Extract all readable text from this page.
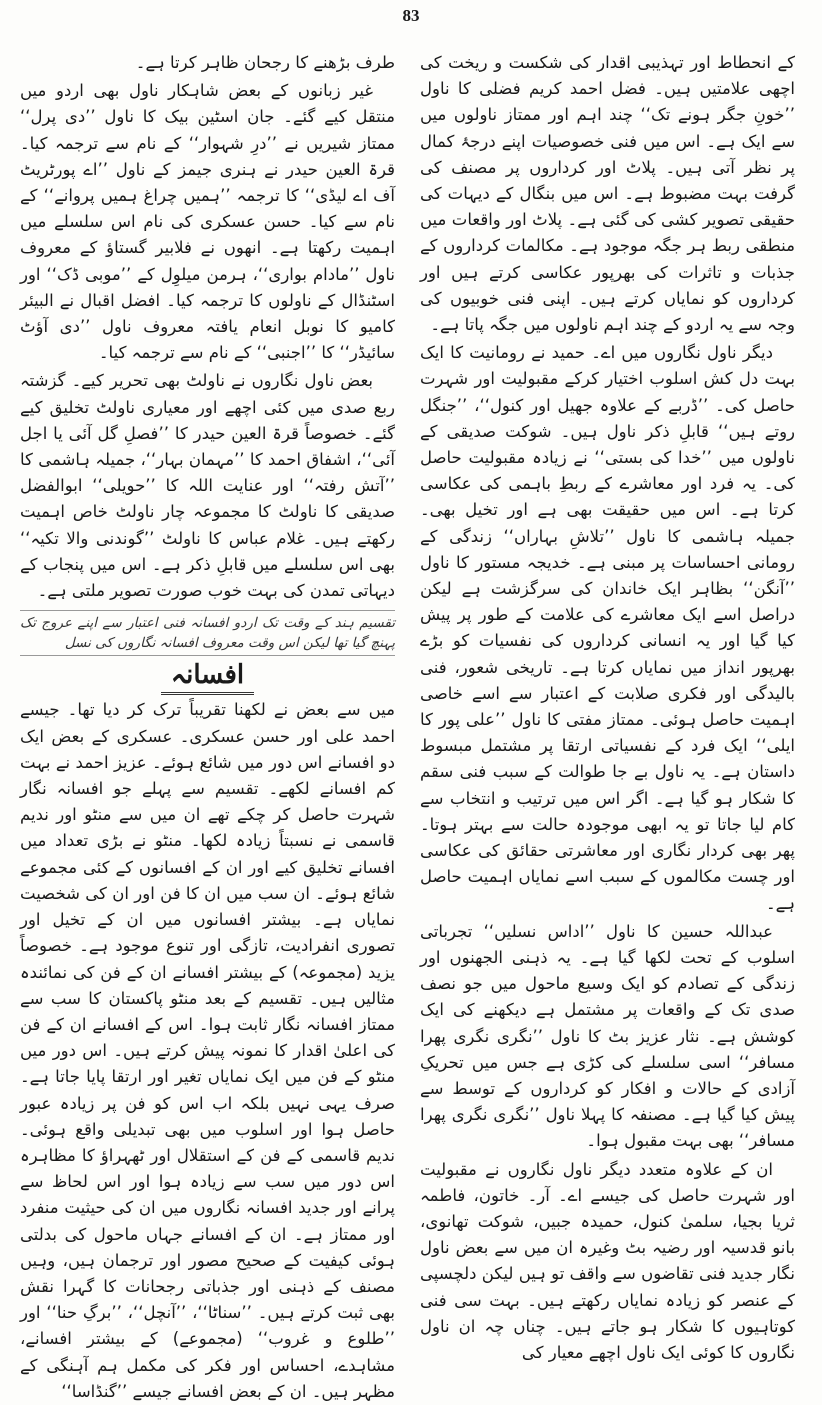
83

کے انحطاط اور تہذیبی اقدار کی شکست و ریخت کی اچھی علامتیں ہیں۔ فضل احمد کریم فضلی کا ناول ’’خونِ جگر ہونے تک‘‘ چند اہم اور ممتاز ناولوں میں سے ایک ہے۔ اس میں فنی خصوصیات اپنے درجۂ کمال پر نظر آتی ہیں۔ پلاٹ اور کرداروں پر مصنف کی گرفت بہت مضبوط ہے۔ اس میں بنگال کے دیہات کی حقیقی تصویر کشی کی گئی ہے۔ پلاٹ اور واقعات میں منطقی ربط ہر جگہ موجود ہے۔ مکالمات کرداروں کے جذبات و تاثرات کی بھرپور عکاسی کرتے ہیں اور کرداروں کو نمایاں کرتے ہیں۔ اپنی فنی خوبیوں کی وجہ سے یہ اردو کے چند اہم ناولوں میں جگہ پاتا ہے۔

دیگر ناول نگاروں میں اے۔ حمید نے رومانیت کا ایک بہت دل کش اسلوب اختیار کرکے مقبولیت اور شہرت حاصل کی۔ ’’ڈربے کے علاوہ جھیل اور کنول‘‘، ’’جنگل روتے ہیں‘‘ قابلِ ذکر ناول ہیں۔ شوکت صدیقی کے ناولوں میں ’’خدا کی بستی‘‘ نے زیادہ مقبولیت حاصل کی۔ یہ فرد اور معاشرے کے ربطِ باہمی کی عکاسی کرتا ہے۔ اس میں حقیقت بھی ہے اور تخیل بھی۔ جمیلہ ہاشمی کا ناول ’’تلاشِ بہاراں‘‘ زندگی کے رومانی احساسات پر مبنی ہے۔ خدیجہ مستور کا ناول ’’آنگن‘‘ بظاہر ایک خاندان کی سرگزشت ہے لیکن دراصل اسے ایک معاشرے کی علامت کے طور پر پیش کیا گیا اور یہ انسانی کرداروں کی نفسیات کو بڑے بھرپور انداز میں نمایاں کرتا ہے۔ تاریخی شعور، فنی بالیدگی اور فکری صلابت کے اعتبار سے اسے خاصی اہمیت حاصل ہوئی۔ ممتاز مفتی کا ناول ’’علی پور کا ایلی‘‘ ایک فرد کے نفسیاتی ارتقا پر مشتمل مبسوط داستان ہے۔ یہ ناول بے جا طوالت کے سبب فنی سقم کا شکار ہو گیا ہے۔ اگر اس میں ترتیب و انتخاب سے کام لیا جاتا تو یہ ابھی موجودہ حالت سے بہتر ہوتا۔ پھر بھی کردار نگاری اور معاشرتی حقائق کی عکاسی اور چست مکالموں کے سبب اسے نمایاں اہمیت حاصل ہے۔

عبداللہ حسین کا ناول ’’اداس نسلیں‘‘ تجرباتی اسلوب کے تحت لکھا گیا ہے۔ یہ ذہنی الجھنوں اور زندگی کے تصادم کو ایک وسیع ماحول میں جو نصف صدی تک کے واقعات پر مشتمل ہے دیکھنے کی ایک کوشش ہے۔ نثار عزیز بٹ کا ناول ’’نگری نگری پھرا مسافر‘‘ اسی سلسلے کی کڑی ہے جس میں تحریکِ آزادی کے حالات و افکار کو کرداروں کے توسط سے پیش کیا گیا ہے۔ مصنفہ کا پہلا ناول ’’نگری نگری پھرا مسافر‘‘ بھی بہت مقبول ہوا۔

ان کے علاوہ متعدد دیگر ناول نگاروں نے مقبولیت اور شہرت حاصل کی جیسے اے۔ آر۔ خاتون، فاطمہ ثریا بجیا، سلمیٰ کنول، حمیدہ جبیں، شوکت تھانوی، بانو قدسیہ اور رضیہ بٹ وغیرہ ان میں سے بعض ناول نگار جدید فنی تقاضوں سے واقف تو ہیں لیکن دلچسپی کے عنصر کو زیادہ نمایاں رکھتے ہیں۔ بہت سی فنی کوتاہیوں کا شکار ہو جاتے ہیں۔ چناں چہ ان ناول نگاروں کا کوئی ایک ناول اچھے معیار کی

طرف بڑھنے کا رجحان ظاہر کرتا ہے۔

غیر زبانوں کے بعض شاہکار ناول بھی اردو میں منتقل کیے گئے۔ جان اسٹین بیک کا ناول ’’دی پرل‘‘ ممتاز شیریں نے ’’درِ شہوار‘‘ کے نام سے ترجمہ کیا۔ قرۃ العین حیدر نے ہنری جیمز کے ناول ’’اے پورٹریٹ آف اے لیڈی‘‘ کا ترجمہ ’’ہمیں چراغ ہمیں پروانے‘‘ کے نام سے کیا۔ حسن عسکری کی نام اس سلسلے میں اہمیت رکھتا ہے۔ انھوں نے فلابیر گستاؤ کے معروف ناول ’’مادام بواری‘‘، ہرمن میلوِل کے ’’موبی ڈک‘‘ اور اسٹنڈال کے ناولوں کا ترجمہ کیا۔ افضل اقبال نے البیئر کامیو کا نوبل انعام یافتہ معروف ناول ’’دی آؤٹ سائیڈر‘‘ کا ’’اجنبی‘‘ کے نام سے ترجمہ کیا۔

بعض ناول نگاروں نے ناولٹ بھی تحریر کیے۔ گزشتہ ربع صدی میں کئی اچھے اور معیاری ناولٹ تخلیق کیے گئے۔ خصوصاً قرۃ العین حیدر کا ’’فصلِ گل آئی یا اجل آئی‘‘، اشفاق احمد کا ’’مہمان بہار‘‘، جمیلہ ہاشمی کا ’’آتش رفتہ‘‘ اور عنایت اللہ کا ’’حویلی‘‘ ابوالفضل صدیقی کا ناولٹ کا مجموعہ چار ناولٹ خاص اہمیت رکھتے ہیں۔ غلام عباس کا ناولٹ ’’گوندنی والا تکیہ‘‘ بھی اس سلسلے میں قابلِ ذکر ہے۔ اس میں پنجاب کے دیہاتی تمدن کی بہت خوب صورت تصویر ملتی ہے۔

تقسیم ہند کے وقت تک اردو افسانہ فنی اعتبار سے اپنے عروج تک پہنچ گیا تھا لیکن اس وقت معروف افسانہ نگاروں کی نسل
افسانہ

میں سے بعض نے لکھنا تقریباً ترک کر دیا تھا۔ جیسے احمد علی اور حسن عسکری۔ عسکری کے بعض ایک دو افسانے اس دور میں شائع ہوئے۔ عزیز احمد نے بہت کم افسانے لکھے۔ تقسیم سے پہلے جو افسانہ نگار شہرت حاصل کر چکے تھے ان میں سے منٹو اور ندیم قاسمی نے نسبتاً زیادہ لکھا۔ منٹو نے بڑی تعداد میں افسانے تخلیق کیے اور ان کے افسانوں کے کئی مجموعے شائع ہوئے۔ ان سب میں ان کا فن اور ان کی شخصیت نمایاں ہے۔ بیشتر افسانوں میں ان کے تخیل اور تصوری انفرادیت، تازگی اور تنوع موجود ہے۔ خصوصاً یزید (مجموعہ) کے بیشتر افسانے ان کے فن کی نمائندہ مثالیں ہیں۔ تقسیم کے بعد منٹو پاکستان کا سب سے ممتاز افسانہ نگار ثابت ہوا۔ اس کے افسانے ان کے فن کی اعلیٰ اقدار کا نمونہ پیش کرتے ہیں۔ اس دور میں منٹو کے فن میں ایک نمایاں تغیر اور ارتقا پایا جاتا ہے۔ صرف یہی نہیں بلکہ اب اس کو فن پر زیادہ عبور حاصل ہوا اور اسلوب میں بھی تبدیلی واقع ہوئی۔ ندیم قاسمی کے فن کے استقلال اور ٹھہراؤ کا مظاہرہ اس دور میں سب سے زیادہ ہوا اور اس لحاظ سے پرانے اور جدید افسانہ نگاروں میں ان کی حیثیت منفرد اور ممتاز ہے۔ ان کے افسانے جہاں ماحول کی بدلتی ہوئی کیفیت کے صحیح مصور اور ترجمان ہیں، وہیں مصنف کے ذہنی اور جذباتی رجحانات کا گہرا نقش بھی ثبت کرتے ہیں۔ ’’سناٹا‘‘، ’’آنچل‘‘، ’’برگِ حنا‘‘ اور ’’طلوع و غروب‘‘ (مجموعے) کے بیشتر افسانے، مشاہدے، احساس اور فکر کی مکمل ہم آہنگی کے مظہر ہیں۔ ان کے بعض افسانے جیسے ’’گنڈاسا‘‘
